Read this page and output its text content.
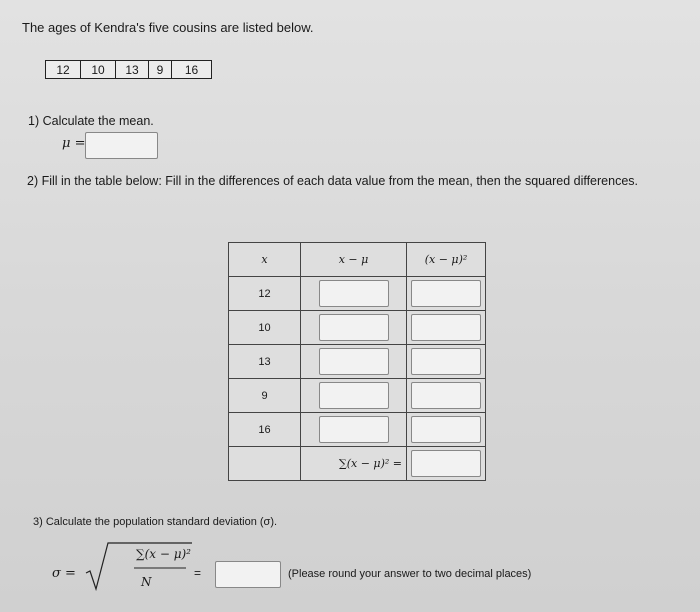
The ages of Kendra's five cousins are listed below.
12	10	13	9	16
1) Calculate the mean.
μ =
2) Fill in the table below: Fill in the differences of each data value from the mean, then the squared differences.
x	x − μ	(x − μ)²
12		
10		
13		
9		
16		
	∑(x − μ)² =	
3) Calculate the population standard deviation (σ).
σ =
∑(x − μ)²
N
=	(Please round your answer to two decimal places)
